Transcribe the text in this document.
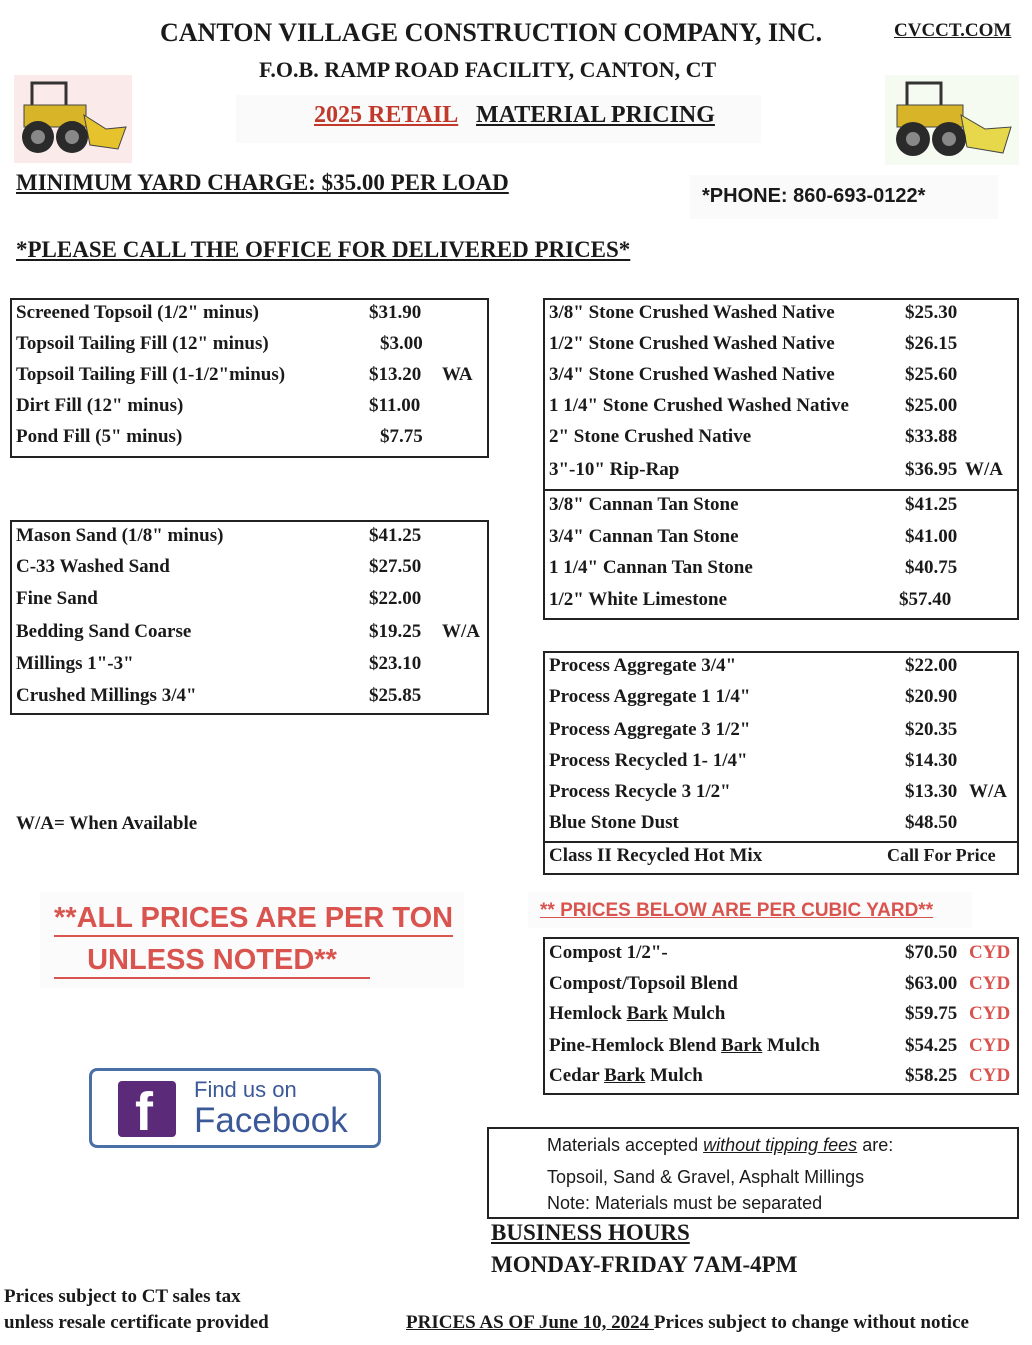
CANTON VILLAGE CONSTRUCTION COMPANY, INC.	CVCCT.COM
F.O.B. RAMP ROAD FACILITY, CANTON, CT
2025 RETAIL MATERIAL PRICING
MINIMUM YARD CHARGE: $35.00 PER LOAD
*PHONE: 860-693-0122*
*PLEASE CALL THE OFFICE FOR DELIVERED PRICES*
Screened Topsoil (1/2" minus)	$31.90
Topsoil Tailing Fill (12" minus)	$3.00
Topsoil Tailing Fill (1-1/2"minus)	$13.20 WA
Dirt Fill (12" minus)	$11.00
Pond Fill (5" minus)	$7.75
Mason Sand (1/8" minus)	$41.25
C-33 Washed Sand	$27.50
Fine Sand	$22.00
Bedding Sand Coarse	$19.25 W/A
Millings 1"-3"	$23.10
Crushed Millings 3/4"	$25.85
3/8" Stone Crushed Washed Native	$25.30
1/2" Stone Crushed Washed Native	$26.15
3/4" Stone Crushed Washed Native	$25.60
1 1/4" Stone Crushed Washed Native	$25.00
2" Stone Crushed Native	$33.88
3"-10" Rip-Rap	$36.95 W/A
3/8" Cannan Tan Stone	$41.25
3/4" Cannan Tan Stone	$41.00
1 1/4" Cannan Tan Stone	$40.75
1/2" White Limestone	$57.40
Process Aggregate 3/4"	$22.00
Process Aggregate 1 1/4"	$20.90
Process Aggregate 3 1/2"	$20.35
Process Recycled 1- 1/4"	$14.30
Process Recycle 3 1/2"	$13.30 W/A
Blue Stone Dust	$48.50
Class II Recycled Hot Mix	Call For Price
** PRICES BELOW ARE PER CUBIC YARD**
Compost 1/2"-	$70.50 CYD
Compost/Topsoil Blend	$63.00 CYD
Hemlock Bark Mulch	$59.75 CYD
Pine-Hemlock Blend Bark Mulch	$54.25 CYD
Cedar Bark Mulch	$58.25 CYD
W/A= When Available
**ALL PRICES ARE PER TON
UNLESS NOTED**
f Find us on
Facebook
Materials accepted without tipping fees are:
Topsoil, Sand & Gravel, Asphalt Millings
Note: Materials must be separated
BUSINESS HOURS
MONDAY-FRIDAY 7AM-4PM
Prices subject to CT sales tax
unless resale certificate provided	PRICES AS OF June 10, 2024 Prices subject to change without notice
